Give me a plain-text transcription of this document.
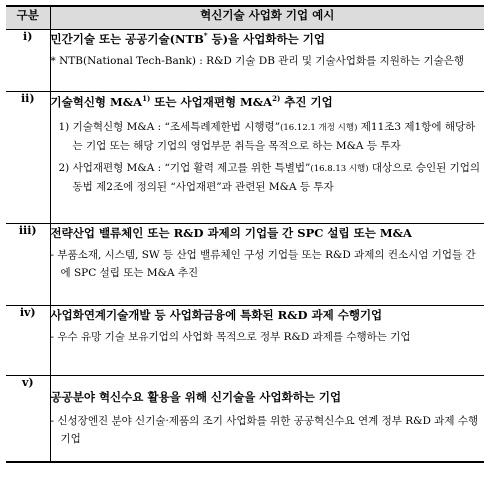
구분	혁신기술 사업화 기업 예시
i)	민간기술 또는 공공기술(NTB* 등)을 사업화하는 기업
* NTB(National Tech-Bank) : R&D 기술 DB 관리 및 기술사업화를 지원하는 기술은행

ii)	기술혁신형 $M\&A^{1)}$ 또는 사업재편형 $M\&A^{2)}$ 추진 기업
1) 기술혁신형 M&A : “조세특례제한법 시행령”(16.12.1 개정 시행) 제11조3 제1항에 해당하는 기업 또는 해당 기업의 영업부문 취득을 목적으로 하는 M&A 등 투자
2) 사업재편형 M&A : “기업 활력 제고를 위한 특별법”(16.8.13 시행) 대상으로 승인된 기업의 동법 제2조에 정의된 “사업재편”과 관련된 M&A 등 투자

iii)	전략산업 밸류체인 또는 R&D 과제의 기업들 간 SPC 설립 또는 M&A
- 부품소재, 시스템, SW 등 산업 밸류체인 구성 기업들 또는 R&D 과제의 컨소시엄 기업들 간에 SPC 설립 또는 M&A 추진

iv)	사업화연계기술개발 등 사업화금융에 특화된 R&D 과제 수행기업
- 우수 유망 기술 보유기업의 사업화 목적으로 정부 R&D 과제를 수행하는 기업

v)	공공분야 혁신수요 활용을 위해 신기술을 사업화하는 기업
- 신성장엔진 분야 신기술·제품의 조기 사업화를 위한 공공혁신수요 연계 정부 R&D 과제 수행기업
